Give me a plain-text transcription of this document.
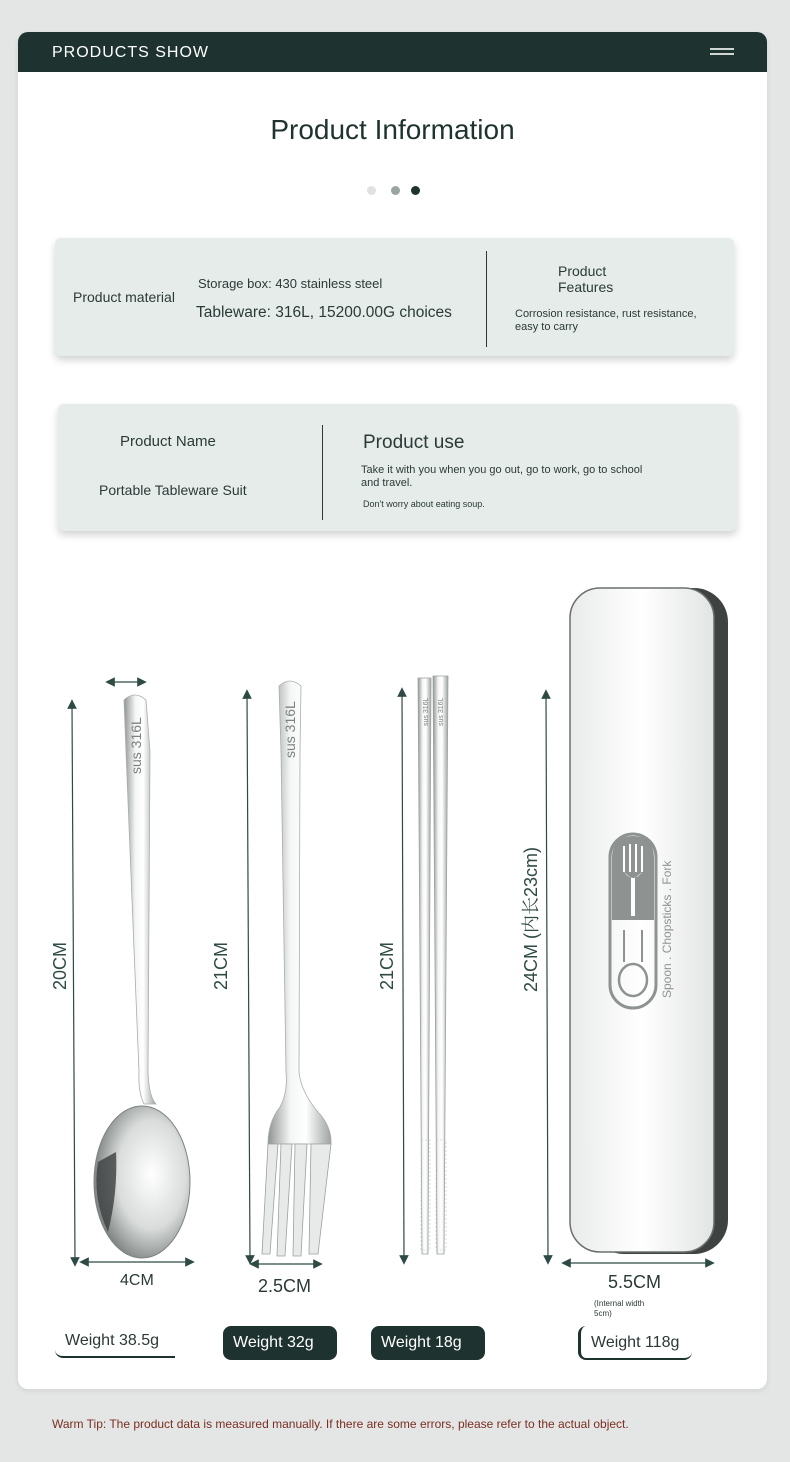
PRODUCTS SHOW
Product Information
Product material
Storage box: 430 stainless steel
Tableware: 316L, 15200.00G choices
Product
Features
Corrosion resistance, rust resistance,
easy to carry
Product Name
Portable Tableware Suit
Product use
Take it with you when you go out, go to work, go to school
and travel.
Don't worry about eating soup.
sus 316L	sus 316L	sus 316L sus 316L
Spoon . Chopsticks . Fork
20CM	21CM	21CM	24CM (内长23cm)
4CM	2.5CM	5.5CM
(Internal width
5cm)
Weight 38.5g	Weight 32g	Weight 18g	Weight 118g
Warm Tip: The product data is measured manually. If there are some errors, please refer to the actual object.
